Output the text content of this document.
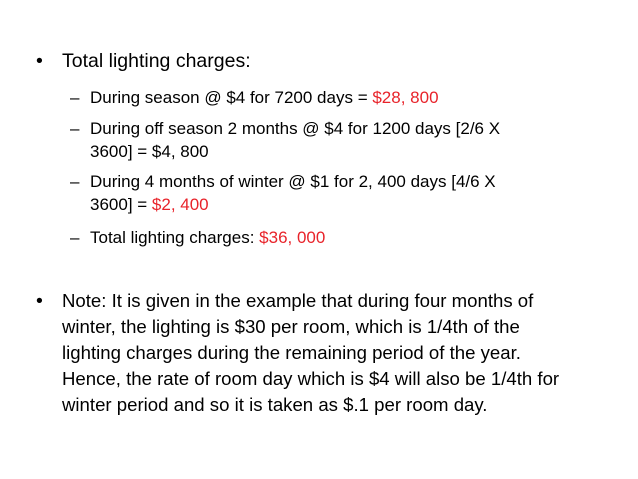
• Total lighting charges:
– During season @ $4 for 7200 days = $28, 800
– During off season 2 months @ $4 for 1200 days [2/6 X
3600] = $4, 800
– During 4 months of winter @ $1 for 2, 400 days [4/6 X
3600] = $2, 400
– Total lighting charges: $36, 000
•	Note: It is given in the example that during four months of
winter, the lighting is $30 per room, which is 1/4th of the
lighting charges during the remaining period of the year.
Hence, the rate of room day which is $4 will also be 1/4th for
winter period and so it is taken as $.1 per room day.
